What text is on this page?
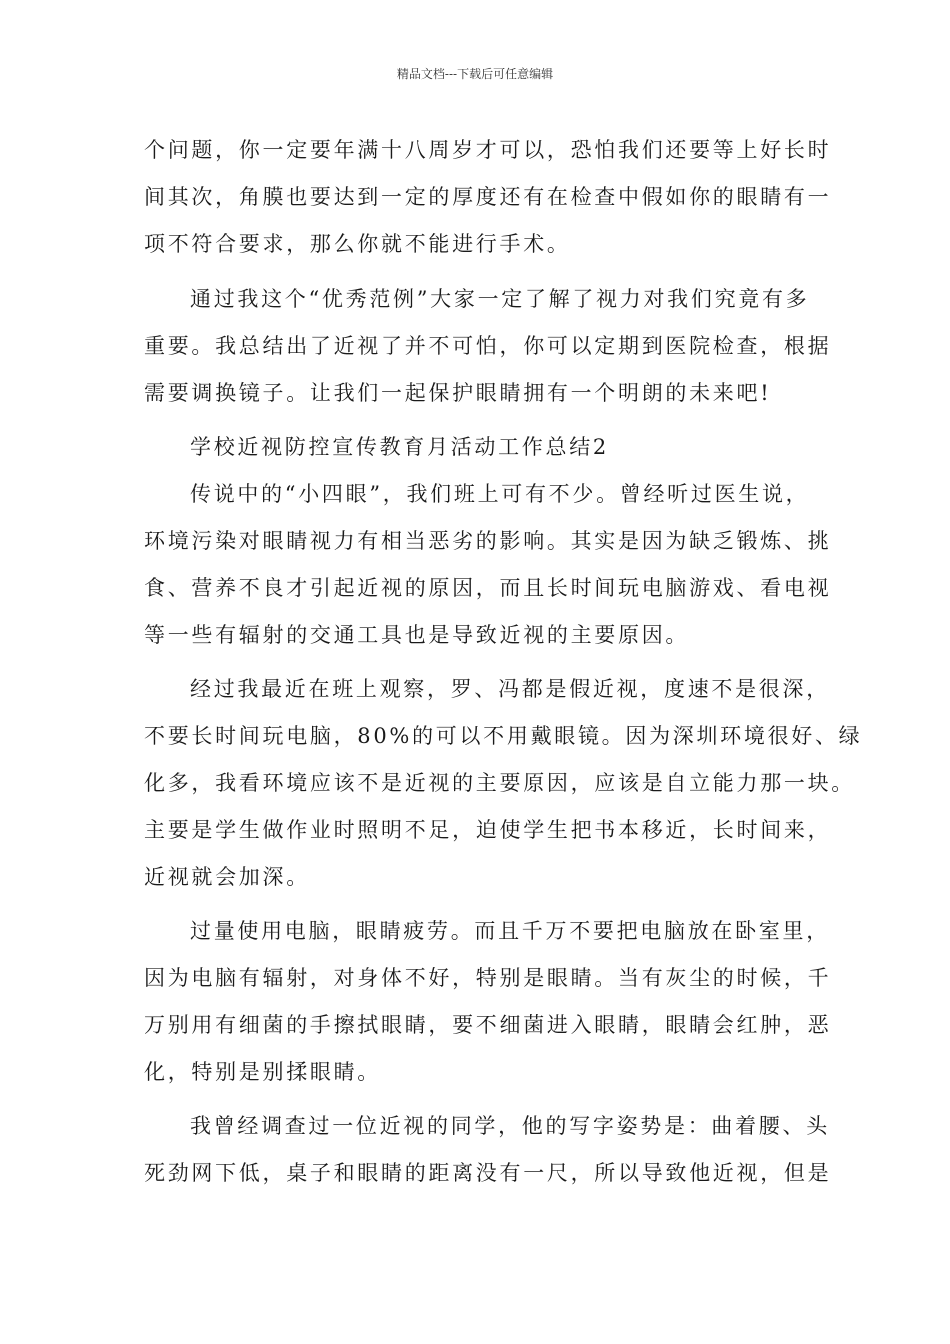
精品文档---下载后可任意编辑
个问题，你一定要年满十八周岁才可以，恐怕我们还要等上好长时
间其次，角膜也要达到一定的厚度还有在检查中假如你的眼睛有一
项不符合要求，那么你就不能进行手术。
通过我这个“优秀范例”大家一定了解了视力对我们究竟有多
重要。我总结出了近视了并不可怕，你可以定期到医院检查，根据
需要调换镜子。让我们一起保护眼睛拥有一个明朗的未来吧!
学校近视防控宣传教育月活动工作总结2
传说中的“小四眼”，我们班上可有不少。曾经听过医生说，
环境污染对眼睛视力有相当恶劣的影响。其实是因为缺乏锻炼、挑
食、营养不良才引起近视的原因，而且长时间玩电脑游戏、看电视
等一些有辐射的交通工具也是导致近视的主要原因。
经过我最近在班上观察，罗、冯都是假近视，度速不是很深，
不要长时间玩电脑，80%的可以不用戴眼镜。因为深圳环境很好、绿
化多，我看环境应该不是近视的主要原因，应该是自立能力那一块。
主要是学生做作业时照明不足，迫使学生把书本移近，长时间来，
近视就会加深。
过量使用电脑，眼睛疲劳。而且千万不要把电脑放在卧室里，
因为电脑有辐射，对身体不好，特别是眼睛。当有灰尘的时候，千
万别用有细菌的手擦拭眼睛，要不细菌进入眼睛，眼睛会红肿，恶
化，特别是别揉眼睛。
我曾经调查过一位近视的同学，他的写字姿势是：曲着腰、头
死劲网下低，桌子和眼睛的距离没有一尺，所以导致他近视，但是
